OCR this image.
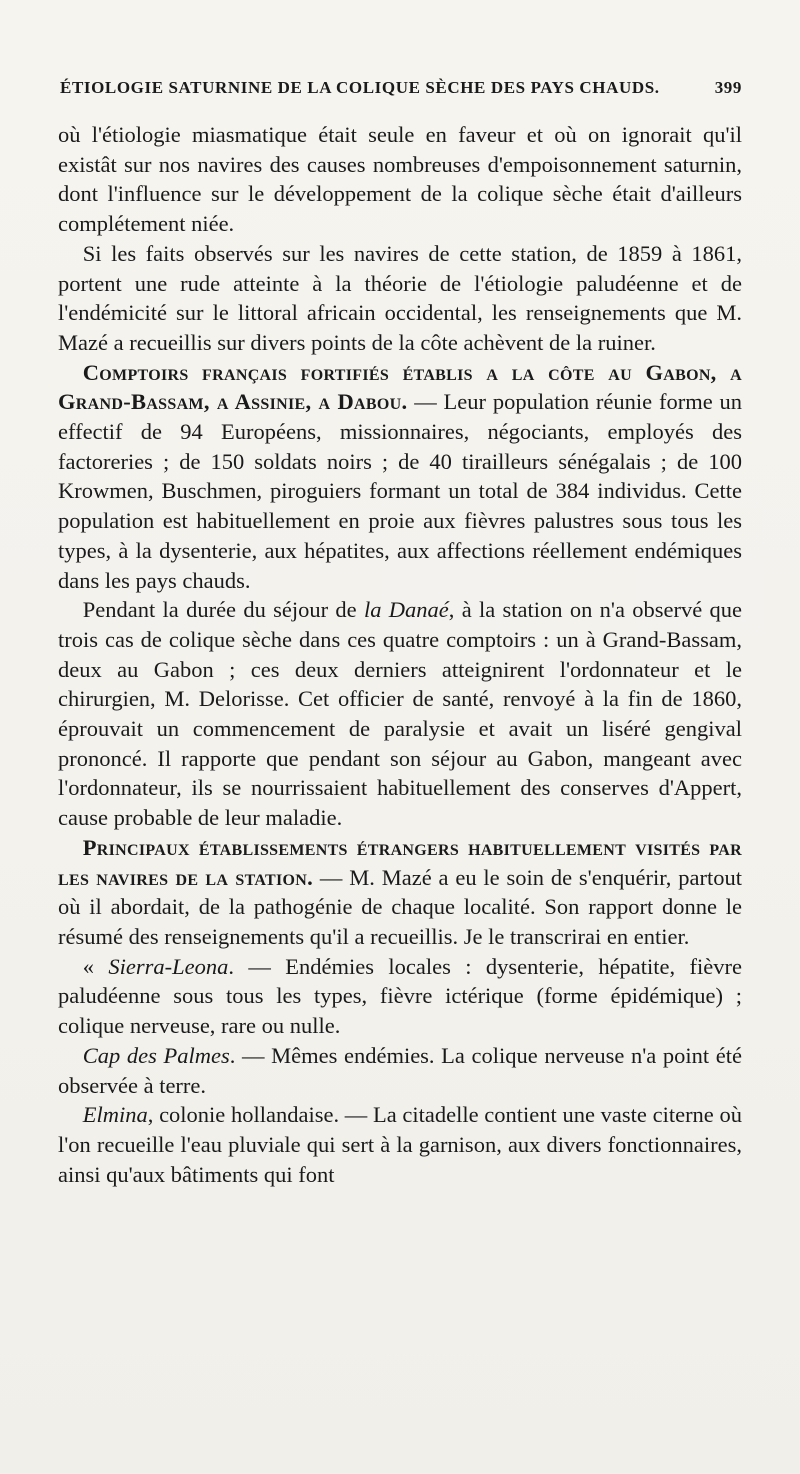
ÉTIOLOGIE SATURNINE DE LA COLIQUE SÈCHE DES PAYS CHAUDS.	399

où l'étiologie miasmatique était seule en faveur et où on ignorait qu'il existât sur nos navires des causes nombreuses d'empoisonnement saturnin, dont l'influence sur le développement de la colique sèche était d'ailleurs complétement niée.

Si les faits observés sur les navires de cette station, de 1859 à 1861, portent une rude atteinte à la théorie de l'étiologie paludéenne et de l'endémicité sur le littoral africain occidental, les renseignements que M. Mazé a recueillis sur divers points de la côte achèvent de la ruiner.

Comptoirs français fortifiés établis a la côte au Gabon, a Grand-Bassam, a Assinie, a Dabou. — Leur population réunie forme un effectif de 94 Européens, missionnaires, négociants, employés des factoreries ; de 150 soldats noirs ; de 40 tirailleurs sénégalais ; de 100 Krowmen, Buschmen, piroguiers formant un total de 384 individus. Cette population est habituellement en proie aux fièvres palustres sous tous les types, à la dysenterie, aux hépatites, aux affections réellement endémiques dans les pays chauds.

Pendant la durée du séjour de la Danaé, à la station on n'a observé que trois cas de colique sèche dans ces quatre comptoirs : un à Grand-Bassam, deux au Gabon ; ces deux derniers atteignirent l'ordonnateur et le chirurgien, M. Delorisse. Cet officier de santé, renvoyé à la fin de 1860, éprouvait un commencement de paralysie et avait un liséré gengival prononcé. Il rapporte que pendant son séjour au Gabon, mangeant avec l'ordonnateur, ils se nourrissaient habituellement des conserves d'Appert, cause probable de leur maladie.

Principaux établissements étrangers habituellement visités par les navires de la station. — M. Mazé a eu le soin de s'enquérir, partout où il abordait, de la pathogénie de chaque localité. Son rapport donne le résumé des renseignements qu'il a recueillis. Je le transcrirai en entier.

« Sierra-Leona. — Endémies locales : dysenterie, hépatite, fièvre paludéenne sous tous les types, fièvre ictérique (forme épidémique) ; colique nerveuse, rare ou nulle.

Cap des Palmes. — Mêmes endémies. La colique nerveuse n'a point été observée à terre.

Elmina, colonie hollandaise. — La citadelle contient une vaste citerne où l'on recueille l'eau pluviale qui sert à la garnison, aux divers fonctionnaires, ainsi qu'aux bâtiments qui font
